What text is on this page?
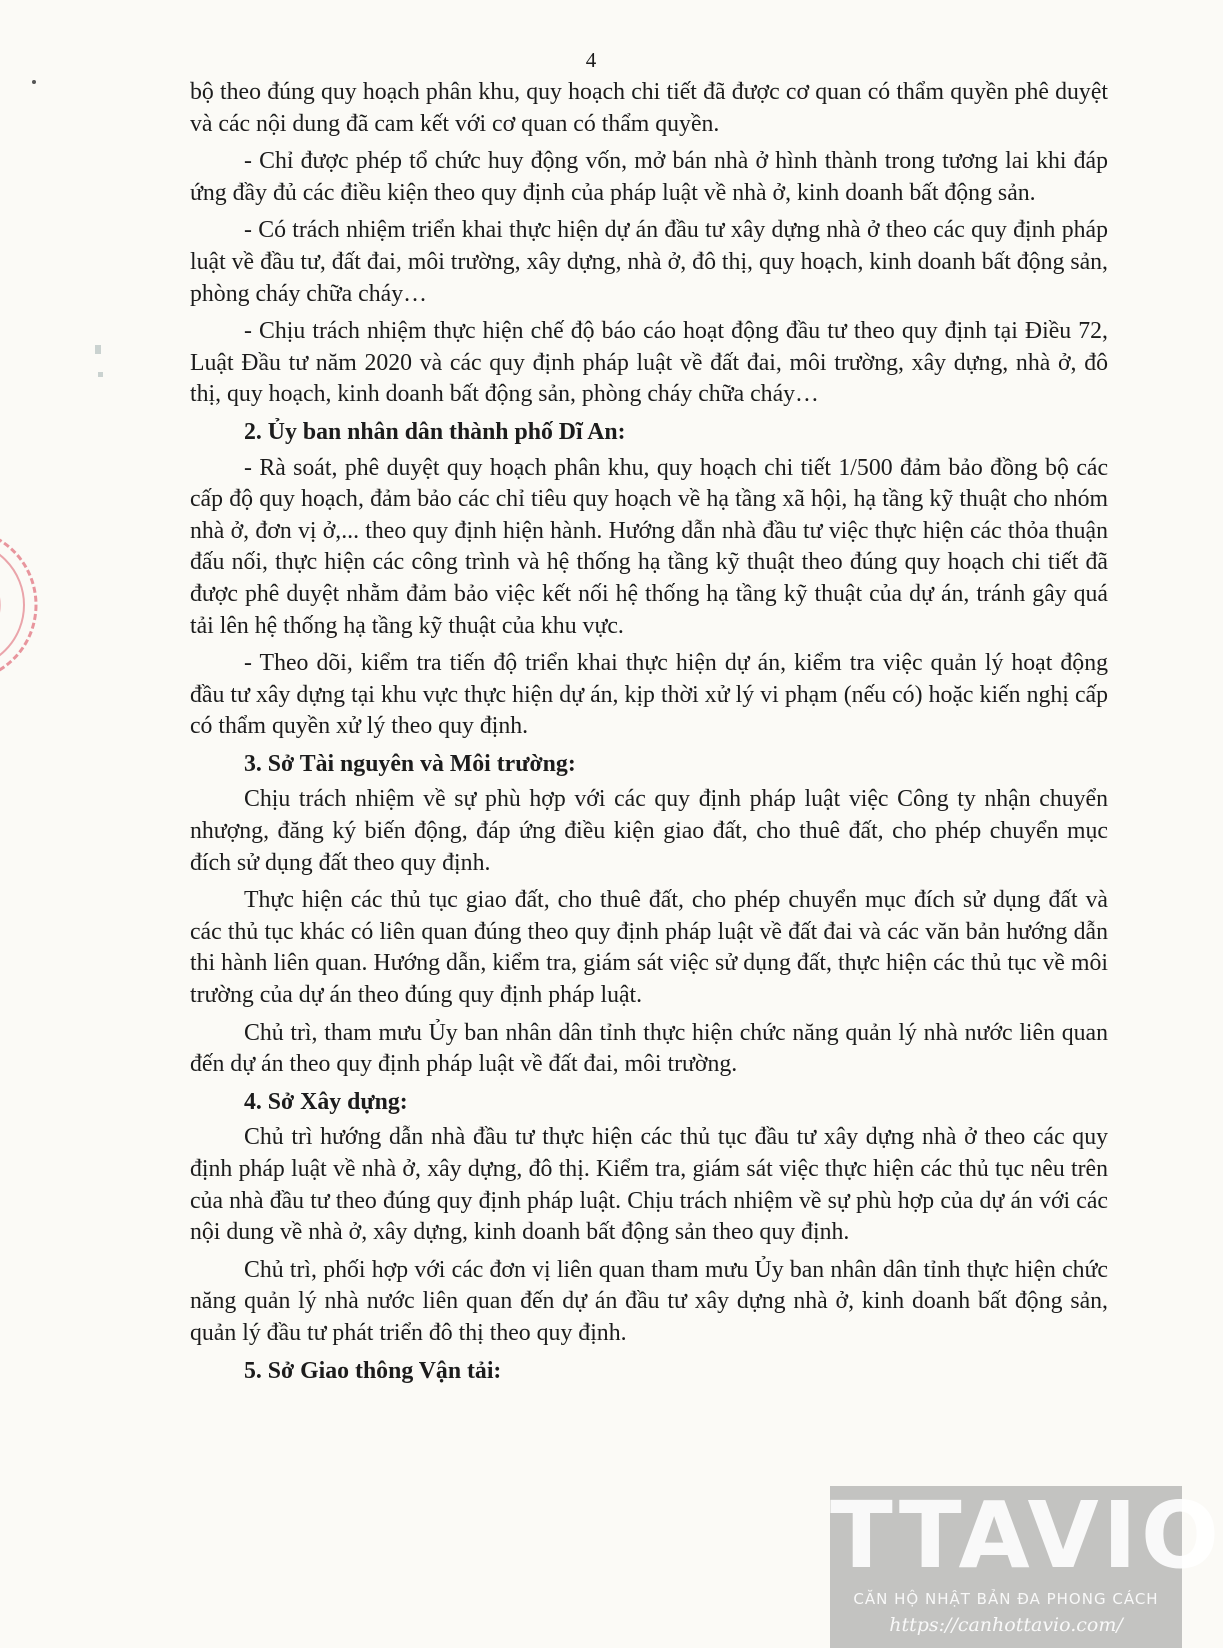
4

bộ theo đúng quy hoạch phân khu, quy hoạch chi tiết đã được cơ quan có thẩm quyền phê duyệt và các nội dung đã cam kết với cơ quan có thẩm quyền.

- Chỉ được phép tổ chức huy động vốn, mở bán nhà ở hình thành trong tương lai khi đáp ứng đầy đủ các điều kiện theo quy định của pháp luật về nhà ở, kinh doanh bất động sản.

- Có trách nhiệm triển khai thực hiện dự án đầu tư xây dựng nhà ở theo các quy định pháp luật về đầu tư, đất đai, môi trường, xây dựng, nhà ở, đô thị, quy hoạch, kinh doanh bất động sản, phòng cháy chữa cháy…

- Chịu trách nhiệm thực hiện chế độ báo cáo hoạt động đầu tư theo quy định tại Điều 72, Luật Đầu tư năm 2020 và các quy định pháp luật về đất đai, môi trường, xây dựng, nhà ở, đô thị, quy hoạch, kinh doanh bất động sản, phòng cháy chữa cháy…

2. Ủy ban nhân dân thành phố Dĩ An:

- Rà soát, phê duyệt quy hoạch phân khu, quy hoạch chi tiết 1/500 đảm bảo đồng bộ các cấp độ quy hoạch, đảm bảo các chỉ tiêu quy hoạch về hạ tầng xã hội, hạ tầng kỹ thuật cho nhóm nhà ở, đơn vị ở,... theo quy định hiện hành. Hướng dẫn nhà đầu tư việc thực hiện các thỏa thuận đấu nối, thực hiện các công trình và hệ thống hạ tầng kỹ thuật theo đúng quy hoạch chi tiết đã được phê duyệt nhằm đảm bảo việc kết nối hệ thống hạ tầng kỹ thuật của dự án, tránh gây quá tải lên hệ thống hạ tầng kỹ thuật của khu vực.

- Theo dõi, kiểm tra tiến độ triển khai thực hiện dự án, kiểm tra việc quản lý hoạt động đầu tư xây dựng tại khu vực thực hiện dự án, kịp thời xử lý vi phạm (nếu có) hoặc kiến nghị cấp có thẩm quyền xử lý theo quy định.

3. Sở Tài nguyên và Môi trường:

Chịu trách nhiệm về sự phù hợp với các quy định pháp luật việc Công ty nhận chuyển nhượng, đăng ký biến động, đáp ứng điều kiện giao đất, cho thuê đất, cho phép chuyển mục đích sử dụng đất theo quy định.

Thực hiện các thủ tục giao đất, cho thuê đất, cho phép chuyển mục đích sử dụng đất và các thủ tục khác có liên quan đúng theo quy định pháp luật về đất đai và các văn bản hướng dẫn thi hành liên quan. Hướng dẫn, kiểm tra, giám sát việc sử dụng đất, thực hiện các thủ tục về môi trường của dự án theo đúng quy định pháp luật.

Chủ trì, tham mưu Ủy ban nhân dân tỉnh thực hiện chức năng quản lý nhà nước liên quan đến dự án theo quy định pháp luật về đất đai, môi trường.

4. Sở Xây dựng:

Chủ trì hướng dẫn nhà đầu tư thực hiện các thủ tục đầu tư xây dựng nhà ở theo các quy định pháp luật về nhà ở, xây dựng, đô thị. Kiểm tra, giám sát việc thực hiện các thủ tục nêu trên của nhà đầu tư theo đúng quy định pháp luật. Chịu trách nhiệm về sự phù hợp của dự án với các nội dung về nhà ở, xây dựng, kinh doanh bất động sản theo quy định.

Chủ trì, phối hợp với các đơn vị liên quan tham mưu Ủy ban nhân dân tỉnh thực hiện chức năng quản lý nhà nước liên quan đến dự án đầu tư xây dựng nhà ở, kinh doanh bất động sản, quản lý đầu tư phát triển đô thị theo quy định.

5. Sở Giao thông Vận tải:
TTAVIO
CĂN HỘ NHẬT BẢN ĐA PHONG CÁCH
https://canhottavio.com/
